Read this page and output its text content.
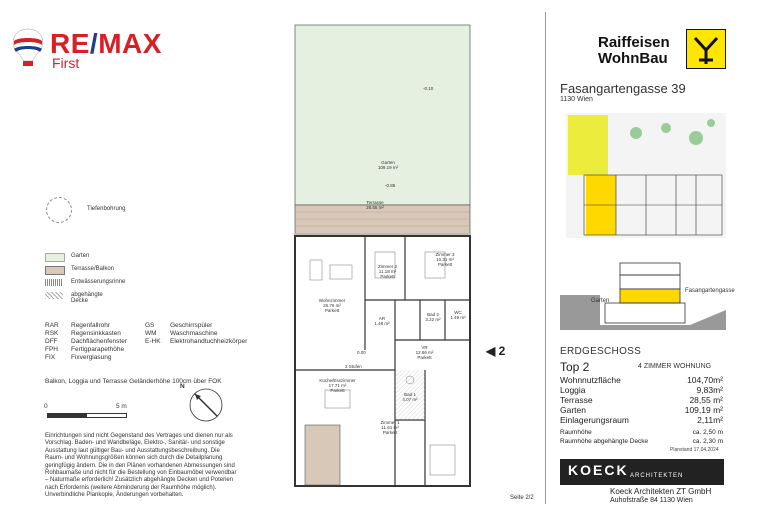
RE/MAX
First
Raiffeisen
WohnBau
Garten
Terrasse/Balkon
Entwässerungsrinne
abgehängte Decke
Tiefenbohrung
RAR Regenfallrohr
RSK Regensinkkasten
DFF Dachflächenfenster
FPH Fertigparapethöhe
FIX Fixverglasung
GS Geschirrspüler
WM Waschmaschine
E-HK Elektrohandtuchheizkörper
Balkon, Loggia und Terrasse Geländerhöhe 100cm über FOK
0	5 m
N
Einrichtungen sind nicht Gegenstand des Vertrages und dienen nur als
Vorschlag. Baden- und Wandbeläge, Elektro-, Sanitär- und sonstige
Ausstattung laut gültiger Bau- und Ausstattungsbeschreibung. Die
Raum- und Wohnungsgrößen können sich durch die Detailplanung
geringfügig ändern. Die in den Plänen vorhandenen Abmessungen sind
Rohbaumaße und nicht für die Bestellung von Einbaumöbel verwendbar
– Naturmaße erforderlich! Zusätzlich abgehängte Decken und Poterien
nach Erfordernis (weitere Abminderung der Raumhöhe möglich).
Unverbindliche Plankopie, Änderungen vorbehalten.
Garten
109.19 m²
Terrasse
28.55 m²
Wohnzimmer
26.76 m²
Parkett
Zimmer 2
11.18 m²
Parkett
Zimmer 3
10.31 m²
Parkett
Küche/Esszimmer
17.71 m²
Parkett
VR
12.86 m²
Parkett
AR
1.48 m²
Bad 2
3.22 m²
WC
1.49 m²
Bad 1
4.07 m²
Zimmer 1
11.61 m²
Parkett
0.00
-0.85
-0.10
2 Stufen
◀ 2
Fasangartengasse 39
1130 Wien
Garten
Fasangartengasse
ERDGESCHOSS
Top 2	4 ZIMMER WOHNUNG
Wohnnutzfläche	104,70m²
Loggia	9,83m²
Terrasse	28,55 m²
Garten	109,19 m²
Einlagerungsraum	2,11m²
Raumhöhe	ca. 2,50 m
Raumhöhe abgehängte Decke	ca. 2,30 m
Planstand 17.04.2024
KOECK ARCHITEKTEN
Koeck Architekten ZT GmbH
Auhofstraße 84 1130 Wien
Seite 2/2
